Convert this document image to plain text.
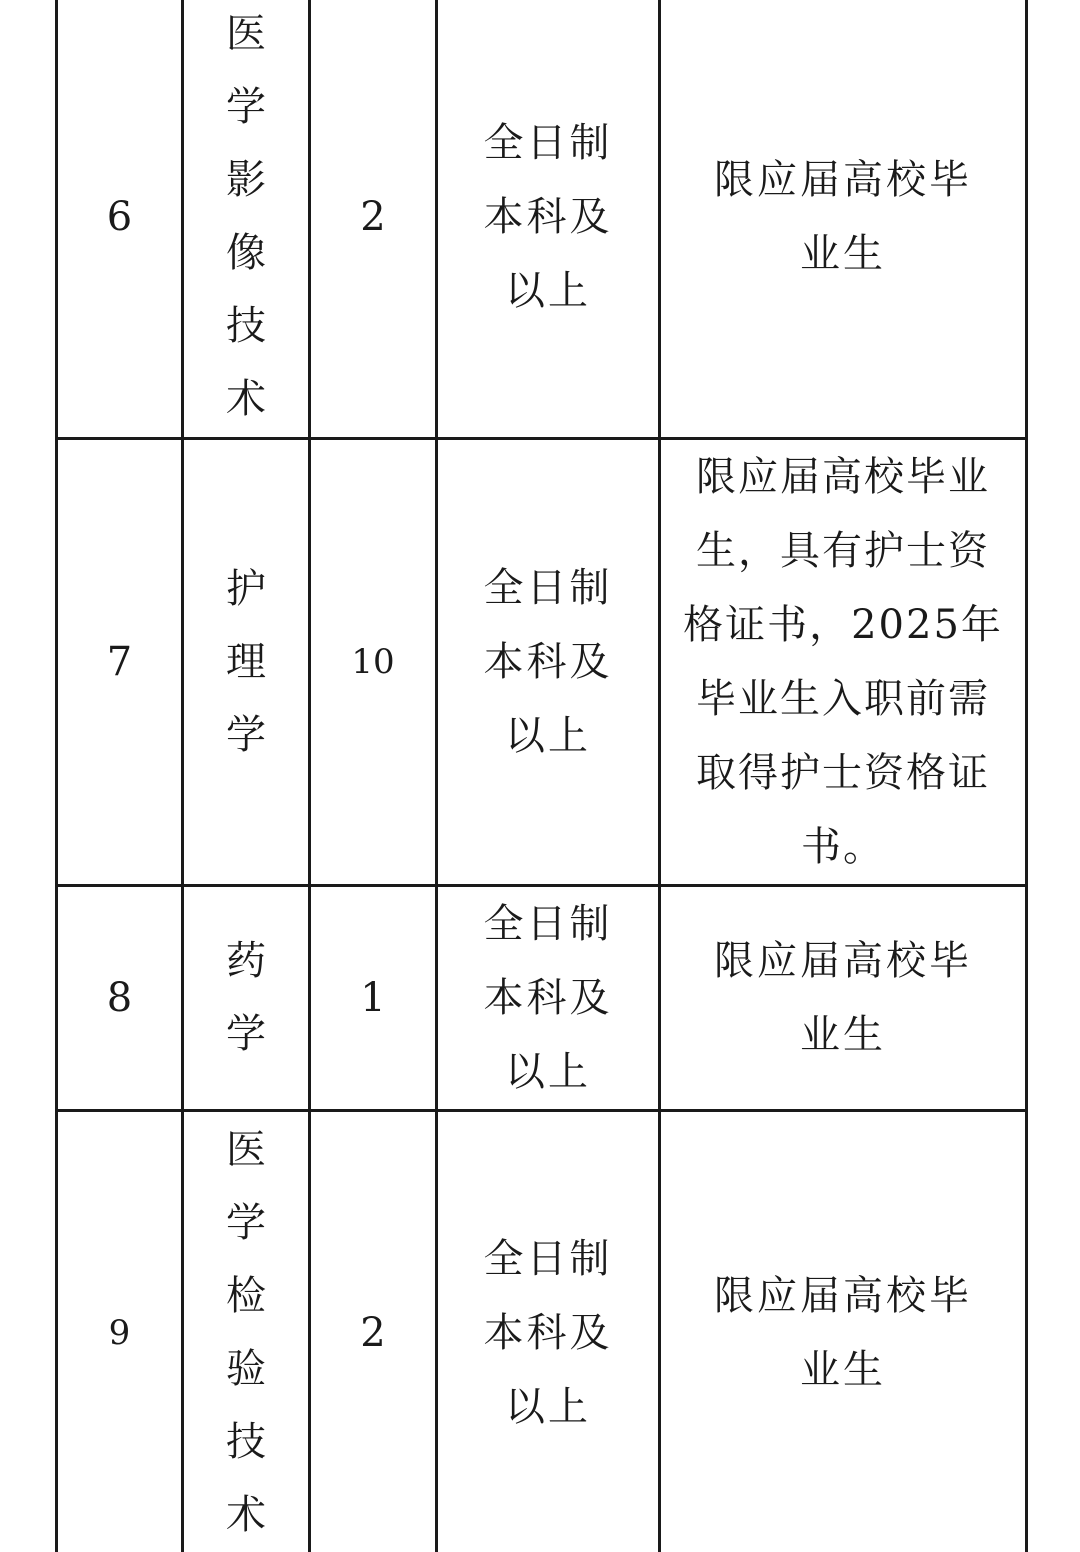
6	医学影像技术	2	全日制本科及以上	限应届高校毕业生
7	护理学	10	全日制本科及以上	限应届高校毕业生，具有护士资格证书，2025年毕业生入职前需取得护士资格证书。
8	药学	1	全日制本科及以上	限应届高校毕业生
9	医学检验技术	2	全日制本科及以上	限应届高校毕业生
